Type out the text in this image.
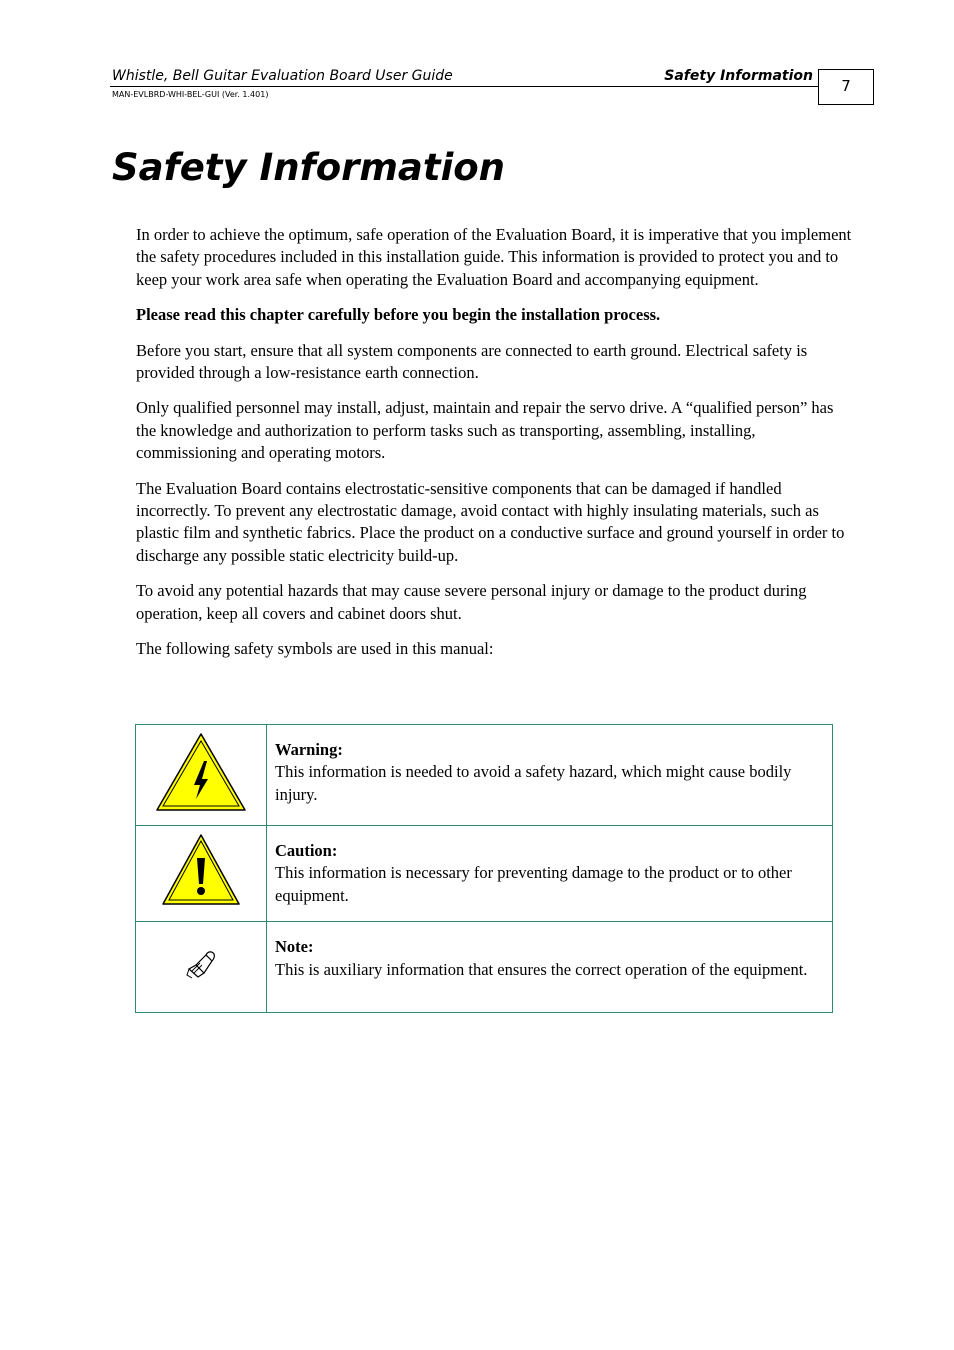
Whistle, Bell Guitar Evaluation Board User Guide	Safety Information
7
MAN-EVLBRD-WHI-BEL-GUI (Ver. 1.401)
Safety Information

In order to achieve the optimum, safe operation of the Evaluation Board, it is imperative that you implement the safety procedures included in this installation guide. This information is provided to protect you and to keep your work area safe when operating the Evaluation Board and accompanying equipment.

Please read this chapter carefully before you begin the installation process.

Before you start, ensure that all system components are connected to earth ground. Electrical safety is provided through a low-resistance earth connection.

Only qualified personnel may install, adjust, maintain and repair the servo drive. A “qualified person” has the knowledge and authorization to perform tasks such as transporting, assembling, installing, commissioning and operating motors.

The Evaluation Board contains electrostatic-sensitive components that can be damaged if handled incorrectly. To prevent any electrostatic damage, avoid contact with highly insulating materials, such as plastic film and synthetic fabrics. Place the product on a conductive surface and ground yourself in order to discharge any possible static electricity build-up.

To avoid any potential hazards that may cause severe personal injury or damage to the product during operation, keep all covers and cabinet doors shut.

The following safety symbols are used in this manual:

Warning:
This information is needed to avoid a safety hazard, which might cause bodily injury.

Caution:
This information is necessary for preventing damage to the product or to other equipment.

Note:
This is auxiliary information that ensures the correct operation of the equipment.
